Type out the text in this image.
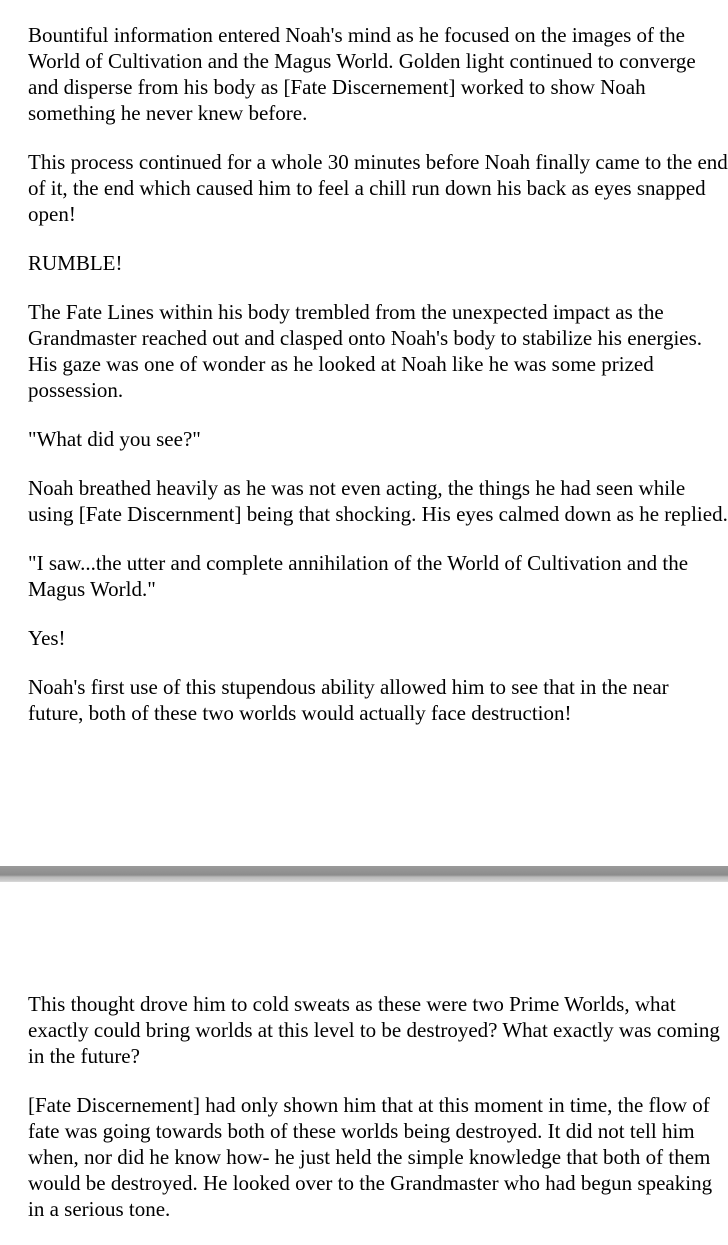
Bountiful information entered Noah's mind as he focused on the images of the World of Cultivation and the Magus World. Golden light continued to converge and disperse from his body as [Fate Discernement] worked to show Noah something he never knew before.

This process continued for a whole 30 minutes before Noah finally came to the end of it, the end which caused him to feel a chill run down his back as eyes snapped open!

RUMBLE!

The Fate Lines within his body trembled from the unexpected impact as the Grandmaster reached out and clasped onto Noah's body to stabilize his energies. His gaze was one of wonder as he looked at Noah like he was some prized possession.

"What did you see?"

Noah breathed heavily as he was not even acting, the things he had seen while using [Fate Discernment] being that shocking. His eyes calmed down as he replied.

"I saw...the utter and complete annihilation of the World of Cultivation and the Magus World."

Yes!

Noah's first use of this stupendous ability allowed him to see that in the near future, both of these two worlds would actually face destruction!

This thought drove him to cold sweats as these were two Prime Worlds, what exactly could bring worlds at this level to be destroyed? What exactly was coming in the future?

[Fate Discernement] had only shown him that at this moment in time, the flow of fate was going towards both of these worlds being destroyed. It did not tell him when, nor did he know how- he just held the simple knowledge that both of them would be destroyed. He looked over to the Grandmaster who had begun speaking in a serious tone.
